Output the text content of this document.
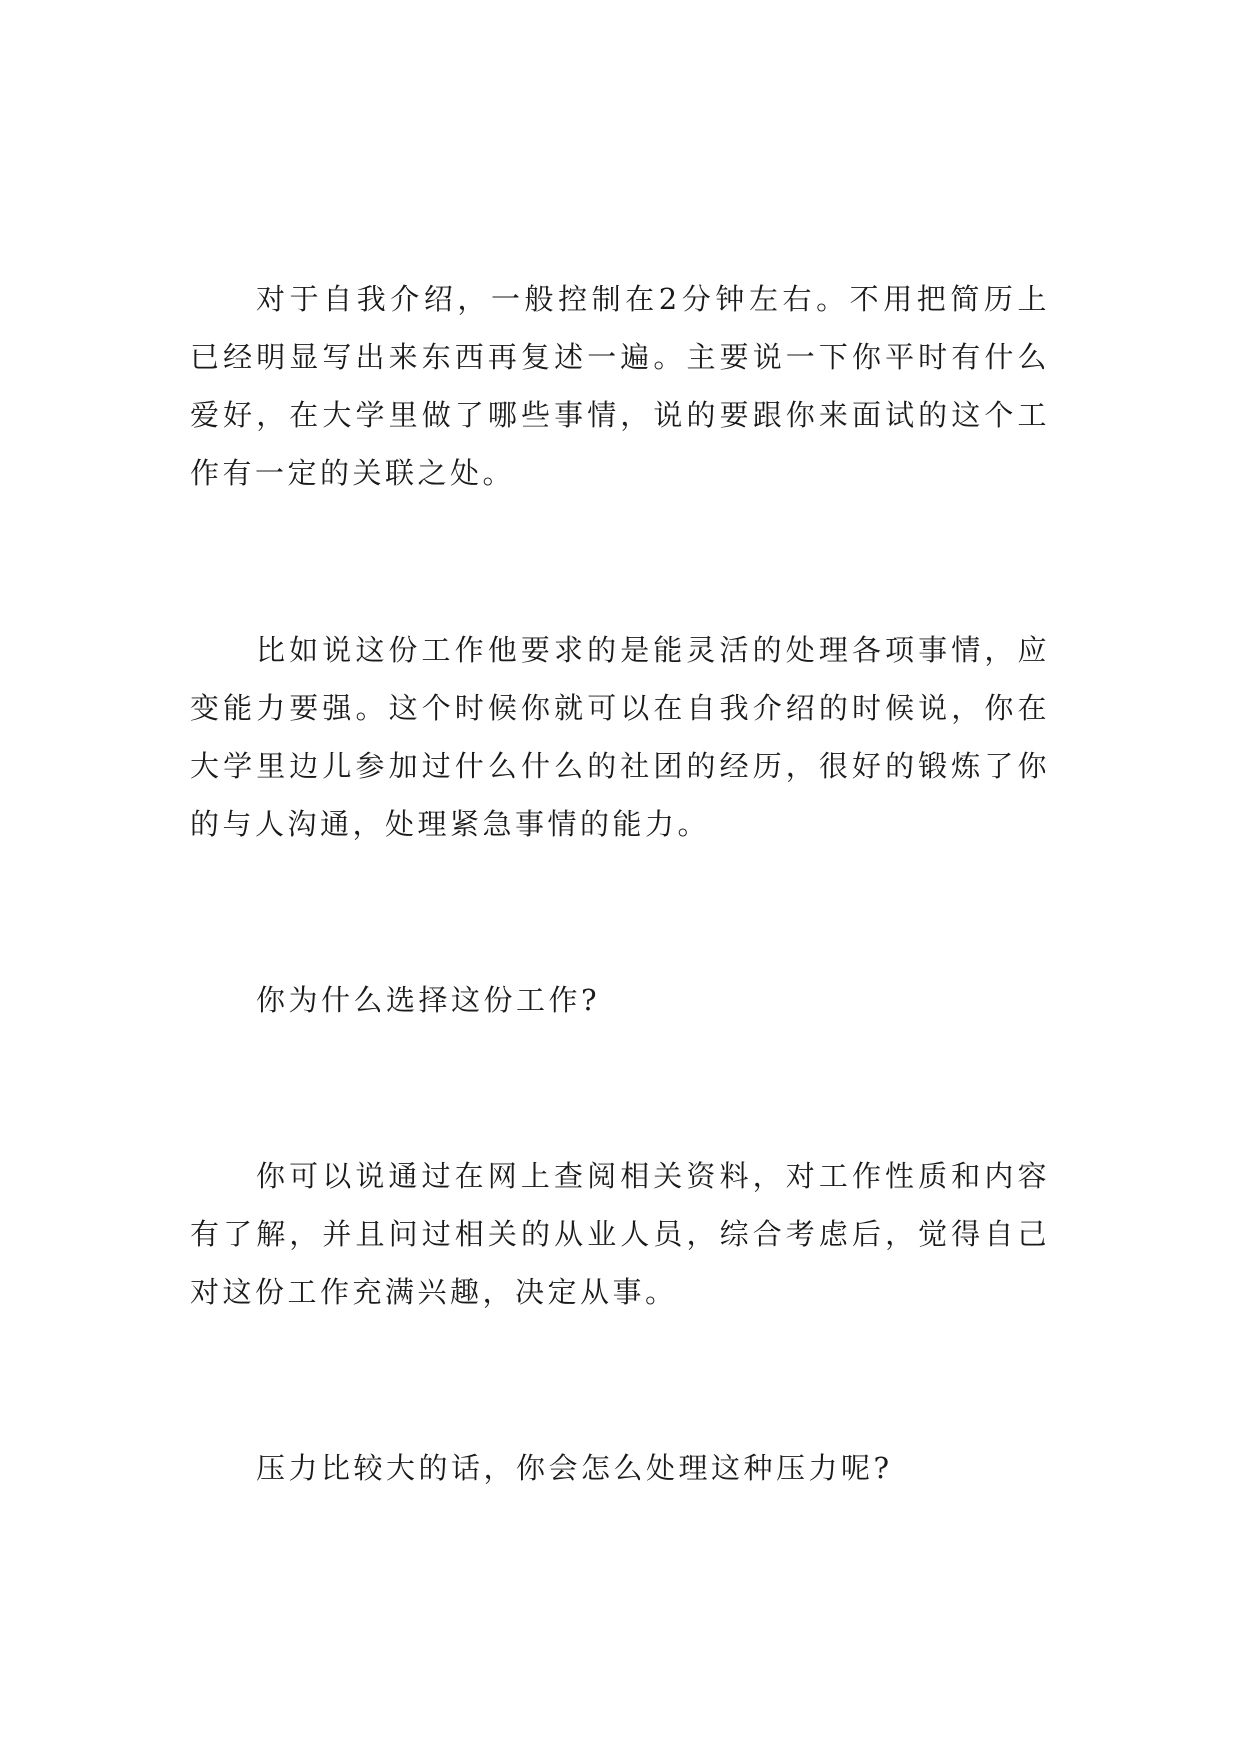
对于自我介绍，一般控制在2分钟左右。不用把简历上已经明显写出来东西再复述一遍。主要说一下你平时有什么爱好，在大学里做了哪些事情，说的要跟你来面试的这个工作有一定的关联之处。

比如说这份工作他要求的是能灵活的处理各项事情，应变能力要强。这个时候你就可以在自我介绍的时候说，你在大学里边儿参加过什么什么的社团的经历，很好的锻炼了你的与人沟通，处理紧急事情的能力。

你为什么选择这份工作?

你可以说通过在网上查阅相关资料，对工作性质和内容有了解，并且问过相关的从业人员，综合考虑后，觉得自己对这份工作充满兴趣，决定从事。

压力比较大的话，你会怎么处理这种压力呢?
